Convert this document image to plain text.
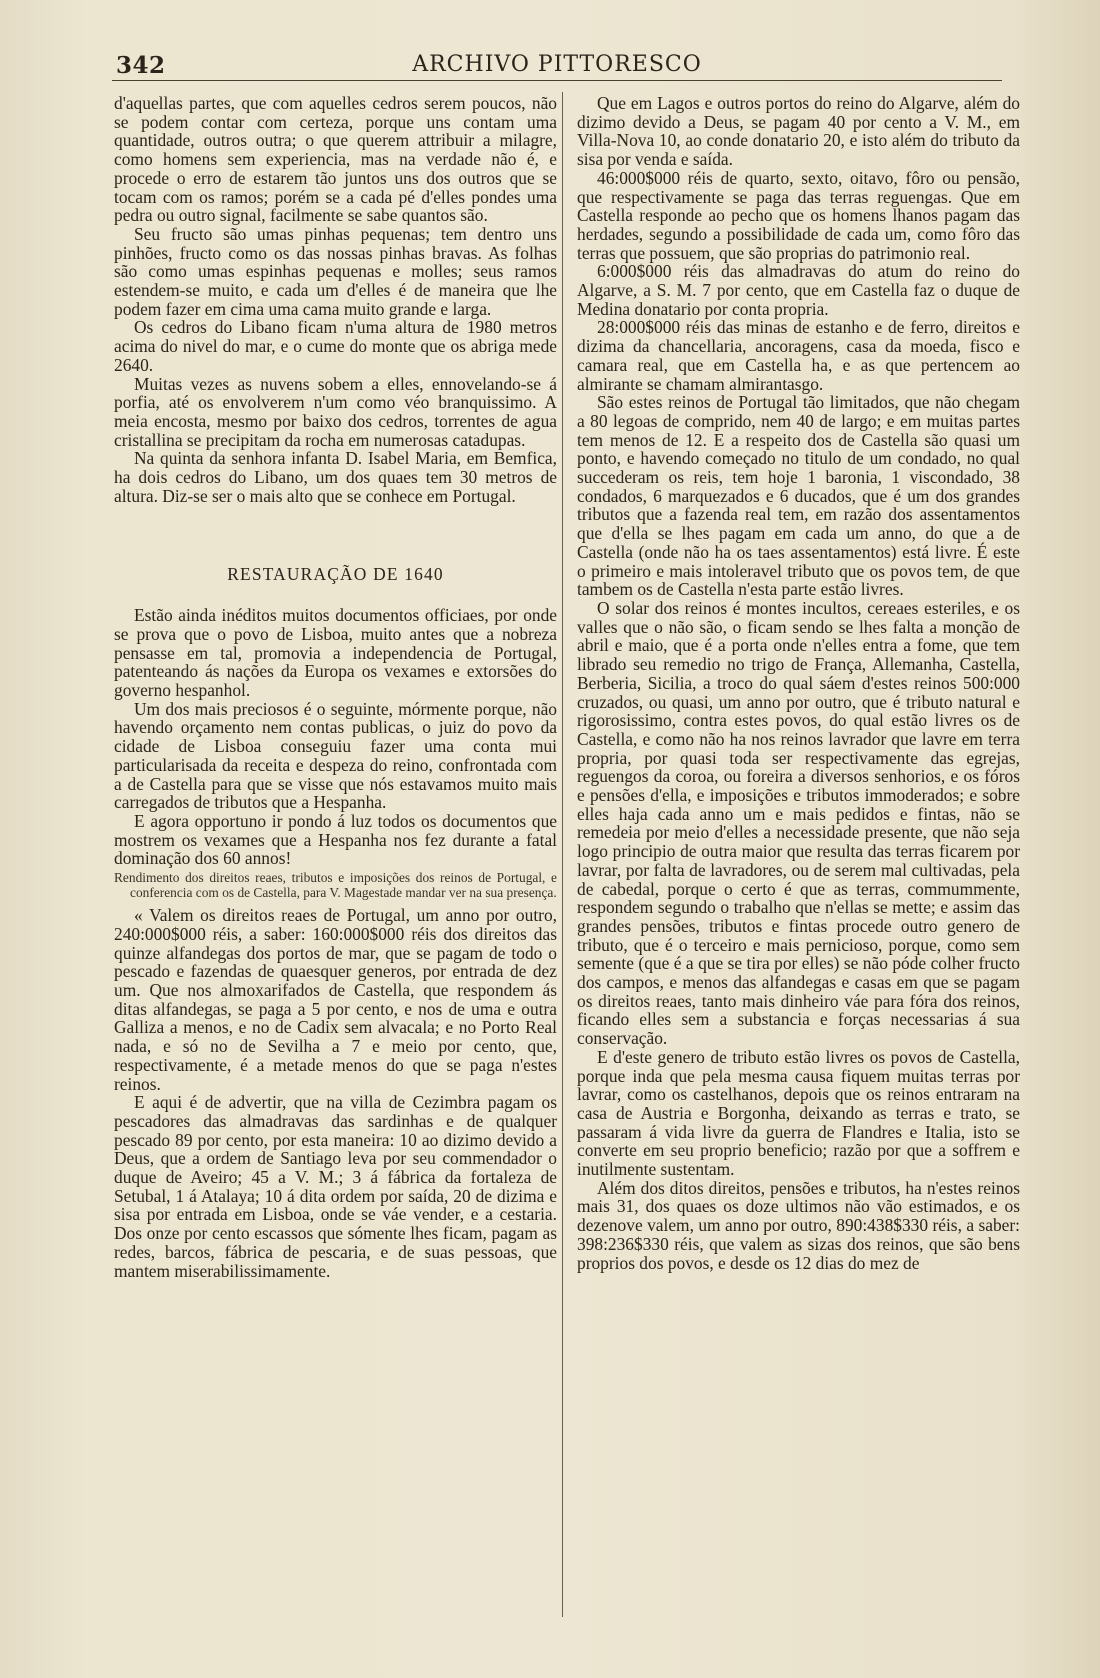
342	ARCHIVO PITTORESCO

d'aquellas partes, que com aquelles cedros serem poucos, não se podem contar com certeza, porque uns contam uma quantidade, outros outra; o que querem attribuir a milagre, como homens sem experiencia, mas na verdade não é, e procede o erro de estarem tão juntos uns dos outros que se tocam com os ramos; porém se a cada pé d'elles pondes uma pedra ou outro signal, facilmente se sabe quantos são.

Seu fructo são umas pinhas pequenas; tem dentro uns pinhões, fructo como os das nossas pinhas bravas. As folhas são como umas espinhas pequenas e molles; seus ramos estendem-se muito, e cada um d'elles é de maneira que lhe podem fazer em cima uma cama muito grande e larga.

Os cedros do Libano ficam n'uma altura de 1980 metros acima do nivel do mar, e o cume do monte que os abriga mede 2640.

Muitas vezes as nuvens sobem a elles, ennovelando-se á porfia, até os envolverem n'um como véo branquissimo. A meia encosta, mesmo por baixo dos cedros, torrentes de agua cristallina se precipitam da rocha em numerosas catadupas.

Na quinta da senhora infanta D. Isabel Maria, em Bemfica, ha dois cedros do Libano, um dos quaes tem 30 metros de altura. Diz-se ser o mais alto que se conhece em Portugal.

RESTAURAÇÃO DE 1640

Estão ainda inéditos muitos documentos officiaes, por onde se prova que o povo de Lisboa, muito antes que a nobreza pensasse em tal, promovia a independencia de Portugal, patenteando ás nações da Europa os vexames e extorsões do governo hespanhol.

Um dos mais preciosos é o seguinte, mórmente porque, não havendo orçamento nem contas publicas, o juiz do povo da cidade de Lisboa conseguiu fazer uma conta mui particularisada da receita e despeza do reino, confrontada com a de Castella para que se visse que nós estavamos muito mais carregados de tributos que a Hespanha.

E agora opportuno ir pondo á luz todos os documentos que mostrem os vexames que a Hespanha nos fez durante a fatal dominação dos 60 annos!

Rendimento dos direitos reaes, tributos e imposições dos reinos de Portugal, e conferencia com os de Castella, para V. Magestade mandar ver na sua presença.

« Valem os direitos reaes de Portugal, um anno por outro, 240:000$000 réis, a saber: 160:000$000 réis dos direitos das quinze alfandegas dos portos de mar, que se pagam de todo o pescado e fazendas de quaesquer generos, por entrada de dez um. Que nos almoxarifados de Castella, que respondem ás ditas alfandegas, se paga a 5 por cento, e nos de uma e outra Galliza a menos, e no de Cadix sem alvacala; e no Porto Real nada, e só no de Sevilha a 7 e meio por cento, que, respectivamente, é a metade menos do que se paga n'estes reinos.

E aqui é de advertir, que na villa de Cezimbra pagam os pescadores das almadravas das sardinhas e de qualquer pescado 89 por cento, por esta maneira: 10 ao dizimo devido a Deus, que a ordem de Santiago leva por seu commendador o duque de Aveiro; 45 a V. M.; 3 á fábrica da fortaleza de Setubal, 1 á Atalaya; 10 á dita ordem por saída, 20 de dizima e sisa por entrada em Lisboa, onde se váe vender, e a cestaria. Dos onze por cento escassos que sómente lhes ficam, pagam as redes, barcos, fábrica de pescaria, e de suas pessoas, que mantem miserabilissimamente.

Que em Lagos e outros portos do reino do Algarve, além do dizimo devido a Deus, se pagam 40 por cento a V. M., em Villa-Nova 10, ao conde donatario 20, e isto além do tributo da sisa por venda e saída.

46:000$000 réis de quarto, sexto, oitavo, fôro ou pensão, que respectivamente se paga das terras reguengas. Que em Castella responde ao pecho que os homens lhanos pagam das herdades, segundo a possibilidade de cada um, como fôro das terras que possuem, que são proprias do patrimonio real.

6:000$000 réis das almadravas do atum do reino do Algarve, a S. M. 7 por cento, que em Castella faz o duque de Medina donatario por conta propria.

28:000$000 réis das minas de estanho e de ferro, direitos e dizima da chancellaria, ancoragens, casa da moeda, fisco e camara real, que em Castella ha, e as que pertencem ao almirante se chamam almirantasgo.

São estes reinos de Portugal tão limitados, que não chegam a 80 legoas de comprido, nem 40 de largo; e em muitas partes tem menos de 12. E a respeito dos de Castella são quasi um ponto, e havendo começado no titulo de um condado, no qual succederam os reis, tem hoje 1 baronia, 1 viscondado, 38 condados, 6 marquezados e 6 ducados, que é um dos grandes tributos que a fazenda real tem, em razão dos assentamentos que d'ella se lhes pagam em cada um anno, do que a de Castella (onde não ha os taes assentamentos) está livre. É este o primeiro e mais intoleravel tributo que os povos tem, de que tambem os de Castella n'esta parte estão livres.

O solar dos reinos é montes incultos, cereaes esteriles, e os valles que o não são, o ficam sendo se lhes falta a monção de abril e maio, que é a porta onde n'elles entra a fome, que tem librado seu remedio no trigo de França, Allemanha, Castella, Berberia, Sicilia, a troco do qual sáem d'estes reinos 500:000 cruzados, ou quasi, um anno por outro, que é tributo natural e rigorosissimo, contra estes povos, do qual estão livres os de Castella, e como não ha nos reinos lavrador que lavre em terra propria, por quasi toda ser respectivamente das egrejas, reguengos da coroa, ou foreira a diversos senhorios, e os fóros e pensões d'ella, e imposições e tributos immoderados; e sobre elles haja cada anno um e mais pedidos e fintas, não se remedeia por meio d'elles a necessidade presente, que não seja logo principio de outra maior que resulta das terras ficarem por lavrar, por falta de lavradores, ou de serem mal cultivadas, pela de cabedal, porque o certo é que as terras, commummente, respondem segundo o trabalho que n'ellas se mette; e assim das grandes pensões, tributos e fintas procede outro genero de tributo, que é o terceiro e mais pernicioso, porque, como sem semente (que é a que se tira por elles) se não póde colher fructo dos campos, e menos das alfandegas e casas em que se pagam os direitos reaes, tanto mais dinheiro váe para fóra dos reinos, ficando elles sem a substancia e forças necessarias á sua conservação.

E d'este genero de tributo estão livres os povos de Castella, porque inda que pela mesma causa fiquem muitas terras por lavrar, como os castelhanos, depois que os reinos entraram na casa de Austria e Borgonha, deixando as terras e trato, se passaram á vida livre da guerra de Flandres e Italia, isto se converte em seu proprio beneficio; razão por que a soffrem e inutilmente sustentam.

Além dos ditos direitos, pensões e tributos, ha n'estes reinos mais 31, dos quaes os doze ultimos não vão estimados, e os dezenove valem, um anno por outro, 890:438$330 réis, a saber: 398:236$330 réis, que valem as sizas dos reinos, que são bens proprios dos povos, e desde os 12 dias do mez de
